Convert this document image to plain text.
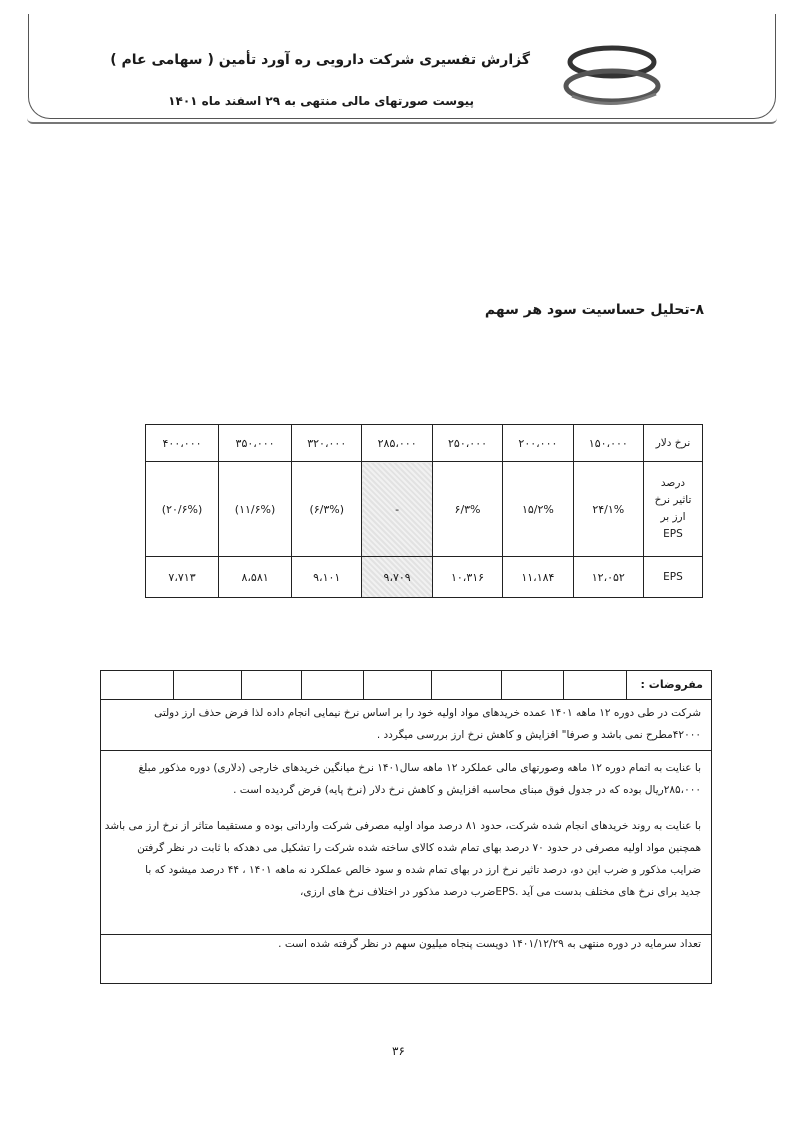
گزارش تفسیری شرکت دارویی ره آورد تأمین ( سهامی عام )
پیوست صورتهای مالی منتهی به ۲۹ اسفند ماه ۱۴۰۱
۸-تحلیل حساسیت سود هر سهم
نرخ دلار	۱۵۰،۰۰۰	۲۰۰،۰۰۰	۲۵۰،۰۰۰	۲۸۵،۰۰۰	۳۲۰،۰۰۰	۳۵۰،۰۰۰	۴۰۰،۰۰۰

درصد
تاثیر نرخ
ارز بر
EPS	۲۴/۱%	۱۵/۲%	۶/۳%	-	(۶/۳%)	(۱۱/۶%)	(۲۰/۶%)
EPS	۱۲،۰۵۲	۱۱،۱۸۴	۱۰،۳۱۶	۹،۷۰۹	۹،۱۰۱	۸،۵۸۱	۷،۷۱۳
مفروضات :

شرکت در طی دوره ۱۲ ماهه ۱۴۰۱ عمده خریدهای مواد اولیه خود را بر اساس نرخ نیمایی انجام داده لذا فرض حذف ارز دولتی

۴۲۰۰۰مطرح نمی باشد و صرفا" افزایش و کاهش نرخ ارز بررسی میگردد .

با عنایت به اتمام دوره ۱۲ ماهه وصورتهای مالی عملکرد ۱۲ ماهه سال۱۴۰۱ نرخ میانگین خریدهای خارجی (دلاری) دوره مذکور مبلغ

۲۸۵،۰۰۰ریال بوده که در جدول فوق مبنای محاسبه افزایش و کاهش نرخ دلار (نرخ پایه) فرض گردیده است .

با عنایت به روند خریدهای انجام شده شرکت، حدود ۸۱ درصد مواد اولیه مصرفی شرکت وارداتی بوده و مستقیما متاثر از نرخ ارز می باشد

همچنین مواد اولیه مصرفی در حدود ۷۰ درصد بهای تمام شده کالای ساخته شده شرکت را تشکیل می دهدکه با ثابت در نظر گرفتن

ضرایب مذکور و ضرب این دو، درصد تاثیر نرخ ارز در بهای تمام شده و سود خالص عملکرد نه ماهه ۱۴۰۱ ، ۴۴ درصد میشود که با

جدید برای نرخ های مختلف بدست می آید .EPSضرب درصد مذکور در اختلاف نرخ های ارزی،

تعداد سرمایه در دوره منتهی به ۱۴۰۱/۱۲/۲۹ دویست پنجاه میلیون سهم در نظر گرفته شده است .

۳۶
